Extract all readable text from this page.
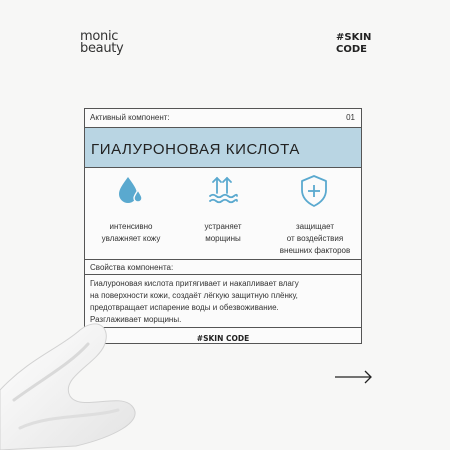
monic
beauty
#SKIN
CODE
Активный компонент:	01
ГИАЛУРОНОВАЯ КИСЛОТА
интенсивно
увлажняет кожу
устраняет
морщины
защищает
от воздействия
внешних факторов
Свойства компонента:
Гиалуроновая кислота притягивает и накапливает влагу
на поверхности кожи, создаёт лёгкую защитную плёнку,
предотвращает испарение воды и обезвоживание.
Разглаживает морщины.
#SKIN CODE
